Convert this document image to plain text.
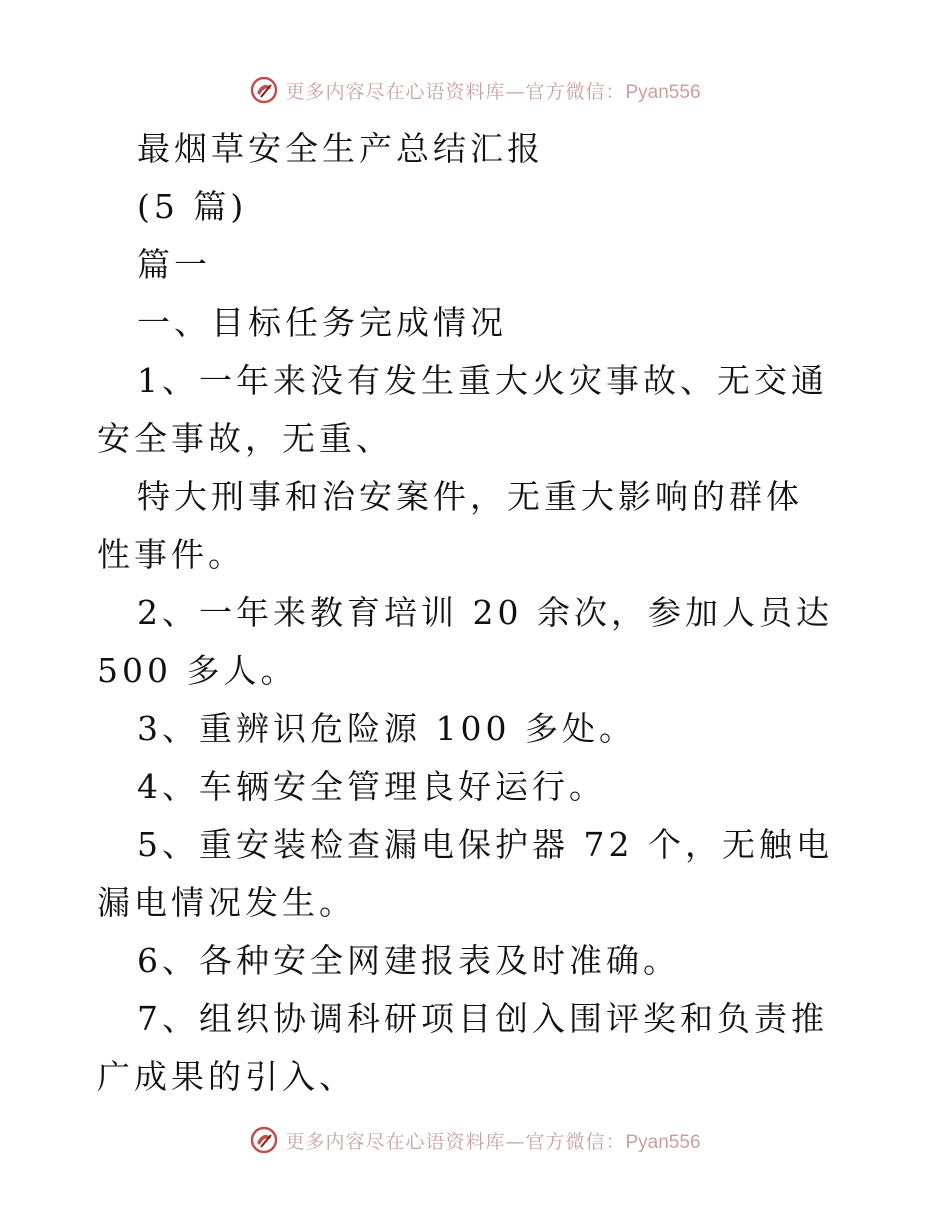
更多内容尽在心语资料库—官方微信：Pyan556

最烟草安全生产总结汇报

(5 篇)

篇一

一、目标任务完成情况

1、一年来没有发生重大火灾事故、无交通安全事故，无重、

特大刑事和治安案件，无重大影响的群体性事件。

2、一年来教育培训 20 余次，参加人员达 500 多人。

3、重辨识危险源 100 多处。

4、车辆安全管理良好运行。

5、重安装检查漏电保护器 72 个，无触电漏电情况发生。

6、各种安全网建报表及时准确。

7、组织协调科研项目创入围评奖和负责推广成果的引入、

更多内容尽在心语资料库—官方微信：Pyan556
